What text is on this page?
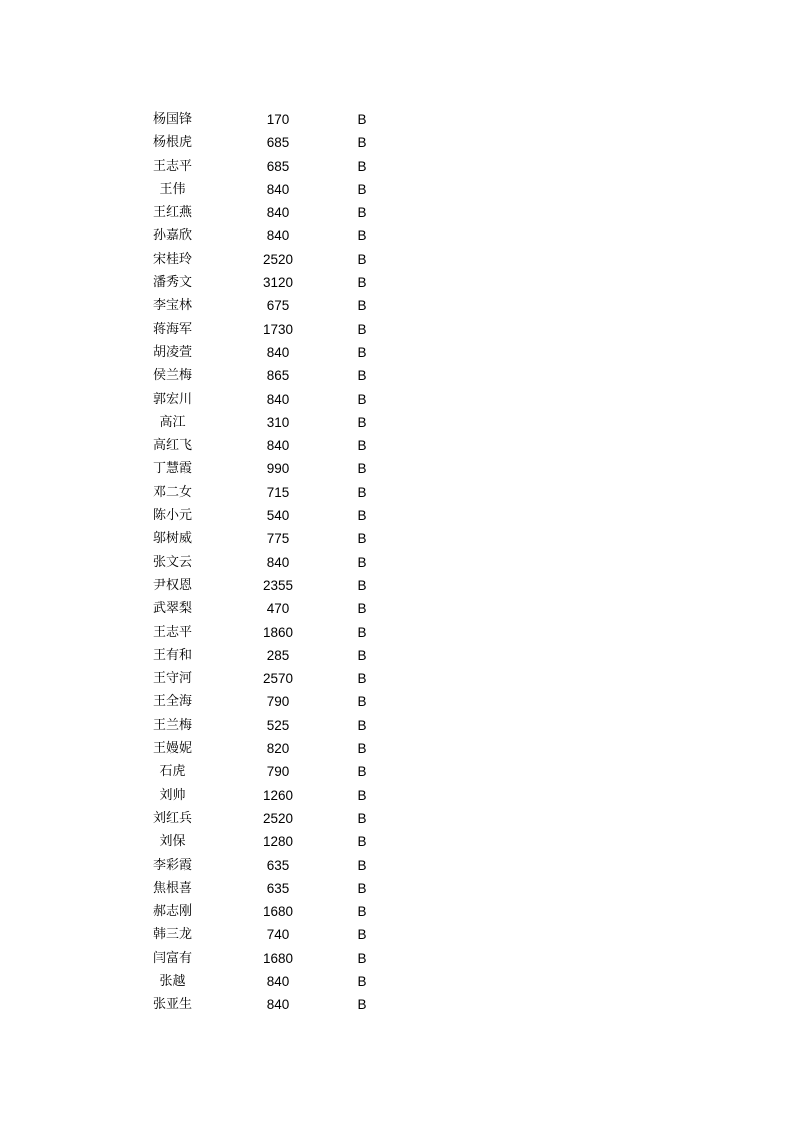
杨国锋	170	B
杨根虎	685	B
王志平	685	B
王伟	840	B
王红燕	840	B
孙嘉欣	840	B
宋桂玲	2520	B
潘秀文	3120	B
李宝林	675	B
蒋海军	1730	B
胡凌萱	840	B
侯兰梅	865	B
郭宏川	840	B
高江	310	B
高红飞	840	B
丁慧霞	990	B
邓二女	715	B
陈小元	540	B
邬树威	775	B
张文云	840	B
尹权恩	2355	B
武翠梨	470	B
王志平	1860	B
王有和	285	B
王守河	2570	B
王全海	790	B
王兰梅	525	B
王嫚妮	820	B
石虎	790	B
刘帅	1260	B
刘红兵	2520	B
刘保	1280	B
李彩霞	635	B
焦根喜	635	B
郝志刚	1680	B
韩三龙	740	B
闫富有	1680	B
张越	840	B
张亚生	840	B
